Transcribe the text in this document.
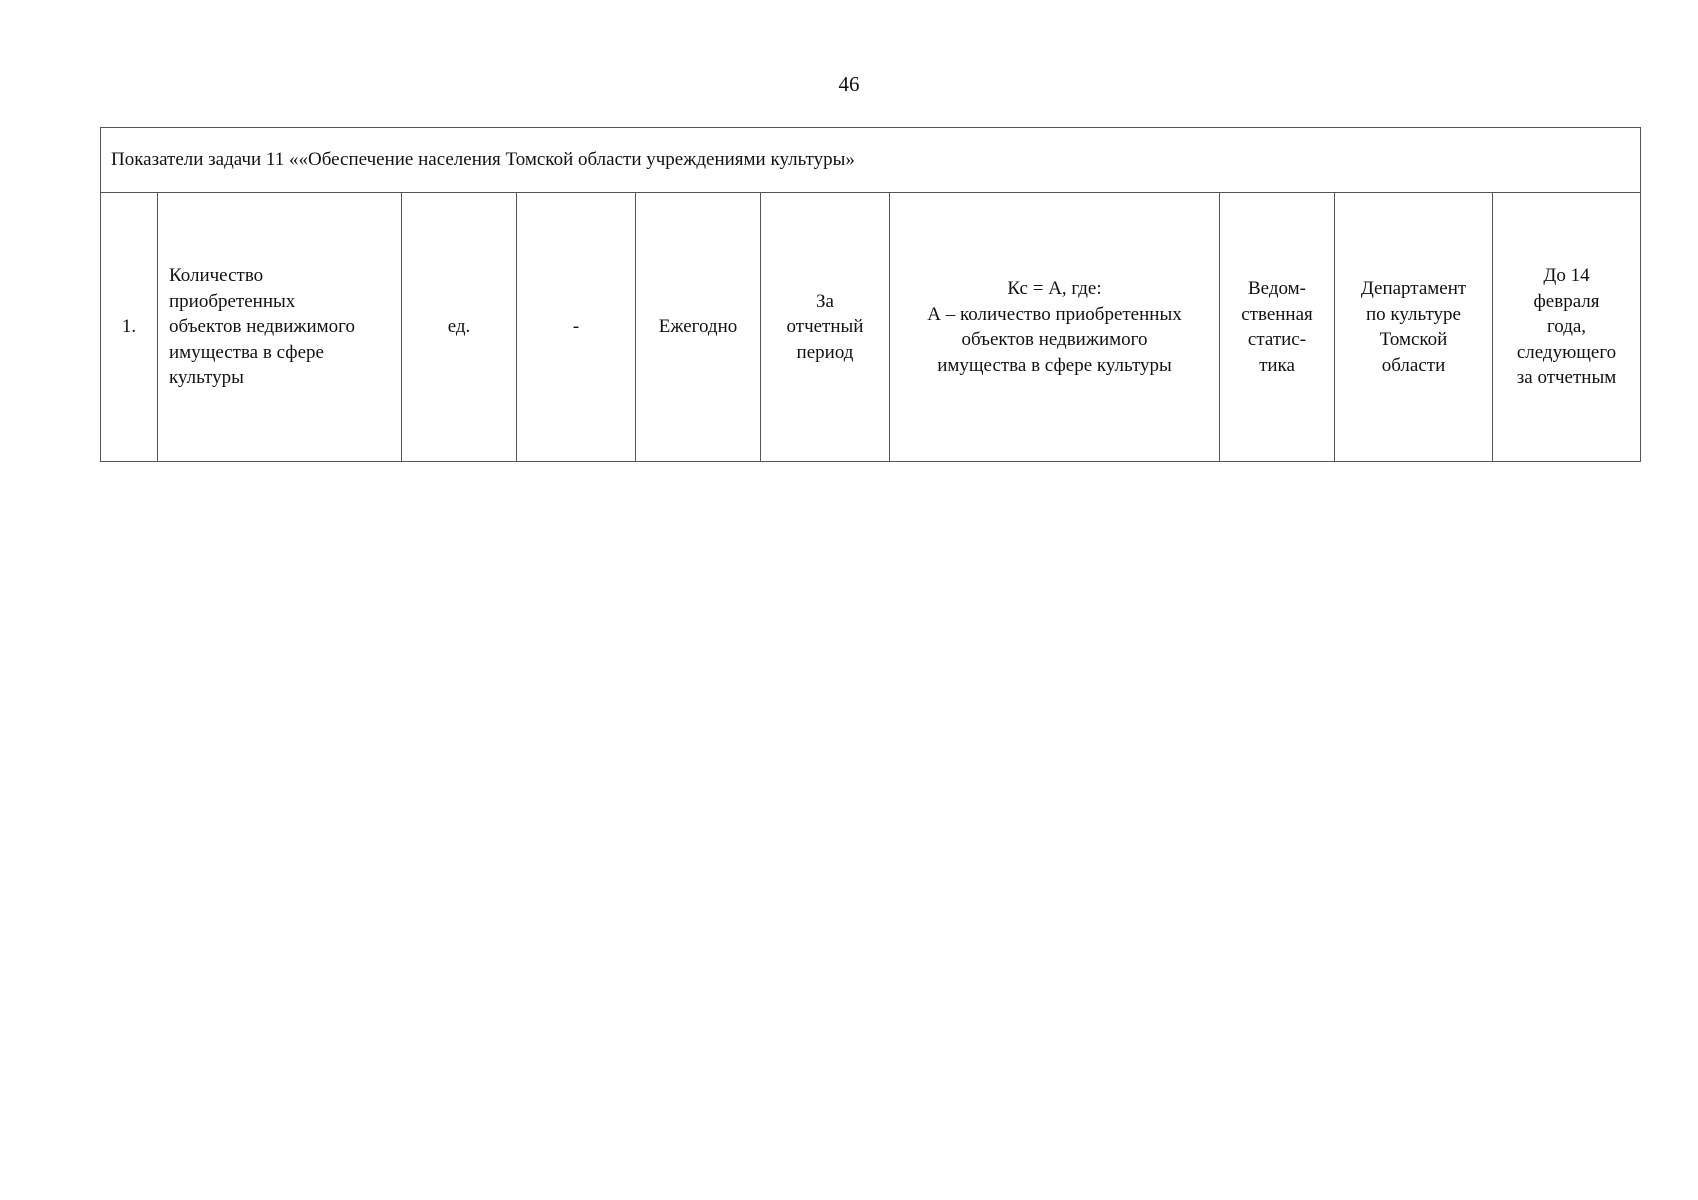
46
Показатели задачи 11 ««Обеспечение населения Томской области учреждениями культуры»
1.	Количество
приобретенных
объектов недвижимого
имущества в сфере
культуры	ед.	-	Ежегодно	За
отчетный
период	Кс = А, где:
А – количество приобретенных
объектов недвижимого
имущества в сфере культуры	Ведом-
ственная
статис-
тика	Департамент
по культуре
Томской
области	До 14
февраля
года,
следующего
за отчетным
